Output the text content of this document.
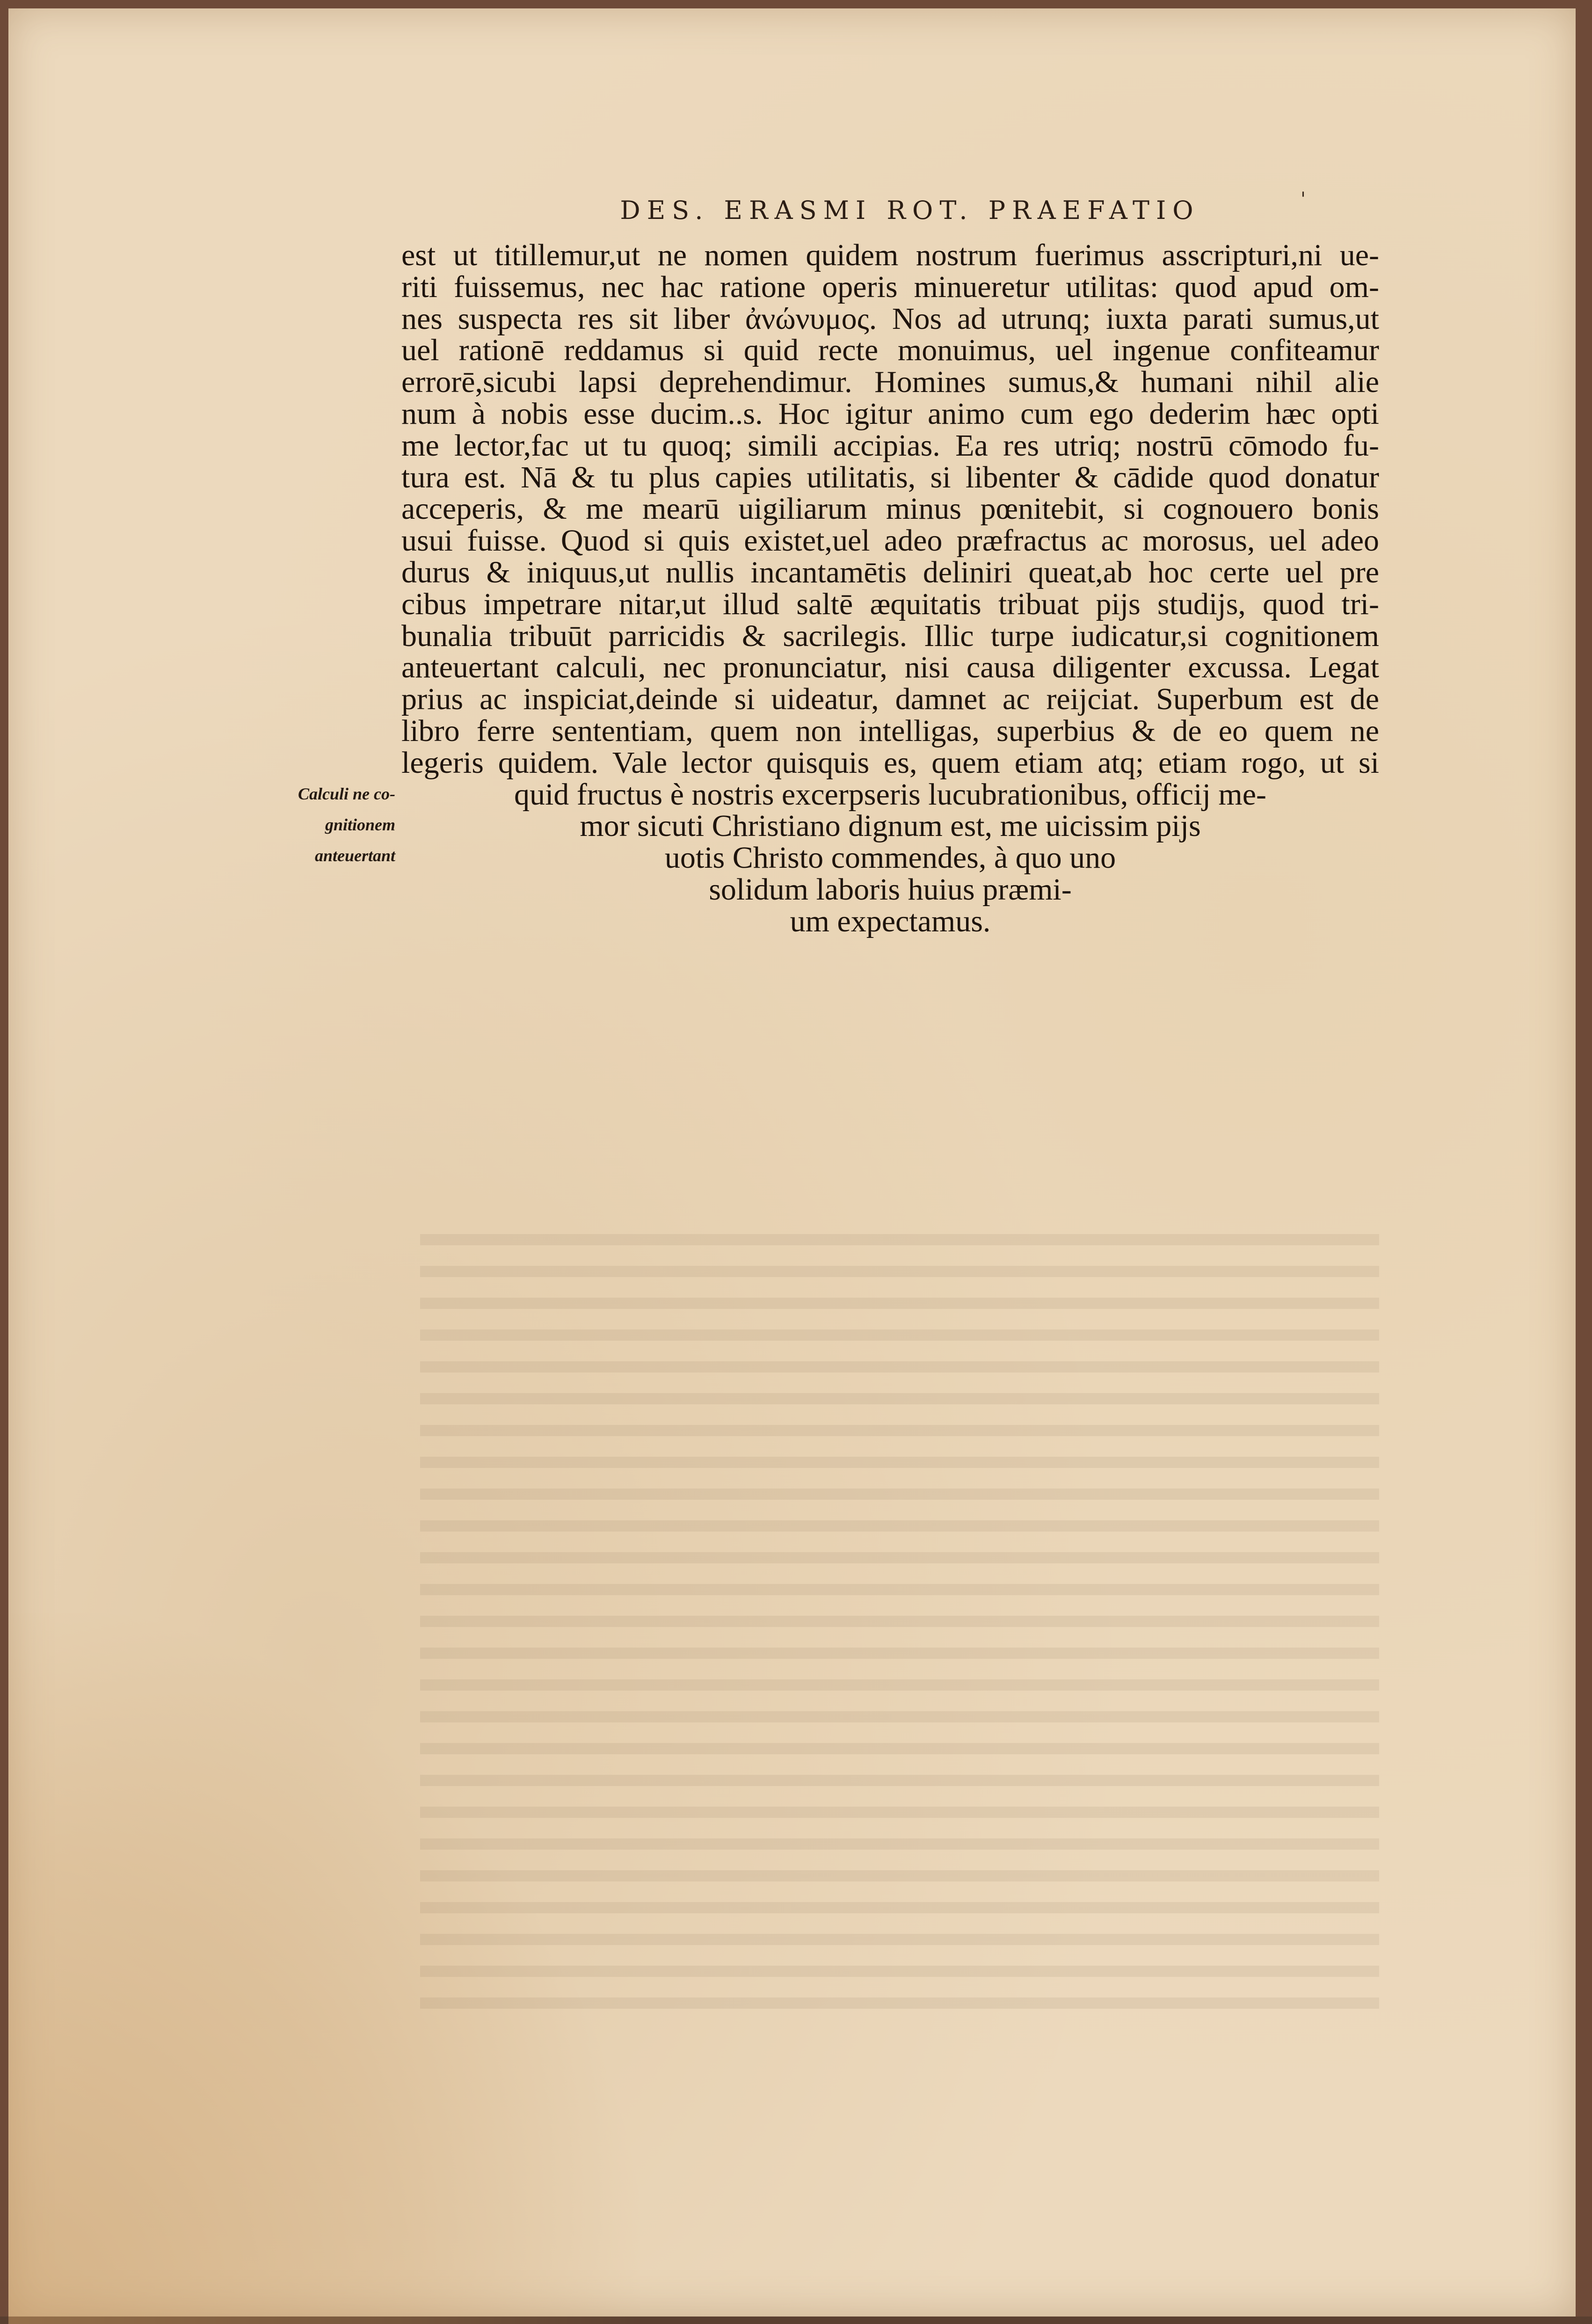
DES. ERASMI ROT. PRAEFATIO	'
Calculi ne co-
gnitionem
anteuertant
est ut titillemur,ut ne nomen quidem nostrum fuerimus asscripturi,ni ue-
riti fuissemus, nec hac ratione operis minueretur utilitas: quod apud om-
nes suspecta res sit liber ἀνώνυμος. Nos ad utrunq; iuxta parati sumus,ut
uel rationē reddamus si quid recte monuimus, uel ingenue confiteamur
errorē,sicubi lapsi deprehendimur. Homines sumus,& humani nihil alie
num à nobis esse ducim..s. Hoc igitur animo cum ego dederim hæc opti
me lector,fac ut tu quoq; simili accipias. Ea res utriq; nostrū cōmodo fu-
tura est. Nā & tu plus capies utilitatis, si libenter & cādide quod donatur
acceperis, & me mearū uigiliarum minus pœnitebit, si cognouero bonis
usui fuisse. Quod si quis existet,uel adeo præfractus ac morosus, uel adeo
durus & iniquus,ut nullis incantamētis deliniri queat,ab hoc certe uel pre
cibus impetrare nitar,ut illud saltē æquitatis tribuat pijs studijs, quod tri-
bunalia tribuūt parricidis & sacrilegis. Illic turpe iudicatur,si cognitionem
anteuertant calculi, nec pronunciatur, nisi causa diligenter excussa. Legat
prius ac inspiciat,deinde si uideatur, damnet ac reijciat. Superbum est de
libro ferre sententiam, quem non intelligas, superbius & de eo quem ne
legeris quidem. Vale lector quisquis es, quem etiam atq; etiam rogo, ut si
quid fructus è nostris excerpseris lucubrationibus, officij me-
mor sicuti Christiano dignum est, me uicissim pijs
uotis Christo commendes, à quo uno
solidum laboris huius præmi-
um expectamus.
